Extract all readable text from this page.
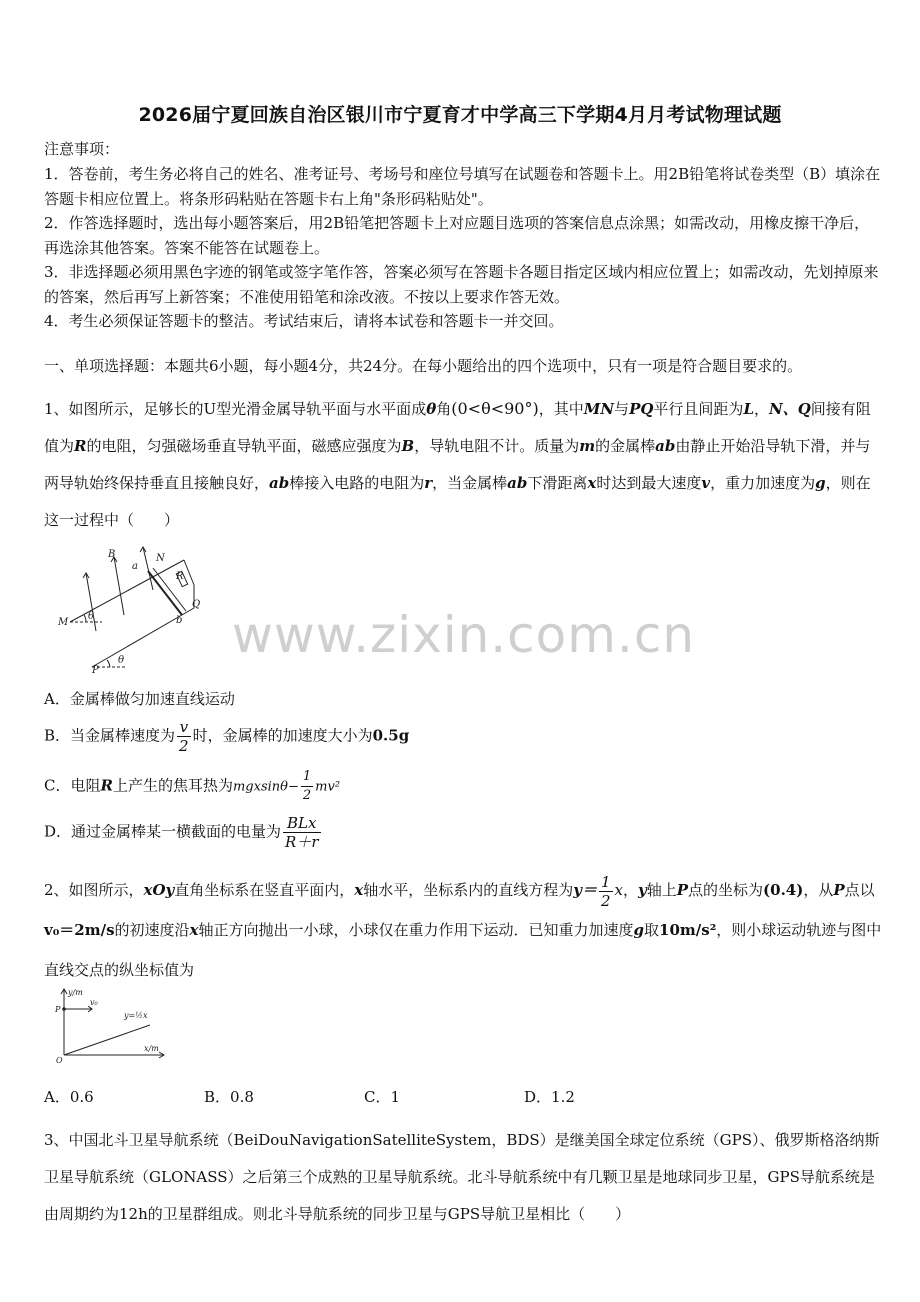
2026届宁夏回族自治区银川市宁夏育才中学高三下学期4月月考试物理试题
注意事项：

1．答卷前，考生务必将自己的姓名、准考证号、考场号和座位号填写在试题卷和答题卡上。用2B铅笔将试卷类型（B）填涂在答题卡相应位置上。将条形码粘贴在答题卡右上角"条形码粘贴处"。

2．作答选择题时，选出每小题答案后，用2B铅笔把答题卡上对应题目选项的答案信息点涂黑；如需改动，用橡皮擦干净后，再选涂其他答案。答案不能答在试题卷上。

3．非选择题必须用黑色字迹的钢笔或签字笔作答，答案必须写在答题卡各题目指定区域内相应位置上；如需改动，先划掉原来的答案，然后再写上新答案；不准使用铅笔和涂改液。不按以上要求作答无效。

4．考生必须保证答题卡的整洁。考试结束后，请将本试卷和答题卡一并交回。

一、单项选择题：本题共6小题，每小题4分，共24分。在每小题给出的四个选项中，只有一项是符合题目要求的。
1、如图所示，足够长的U型光滑金属导轨平面与水平面成θ角(0<θ<90°)，其中MN与PQ平行且间距为L，N、Q间接有阻值为R的电阻，匀强磁场垂直导轨平面，磁感应强度为B，导轨电阻不计。质量为m的金属棒ab由静止开始沿导轨下滑，并与两导轨始终保持垂直且接触良好，ab棒接入电路的电阻为r，当金属棒ab下滑距离x时达到最大速度v，重力加速度为g，则在这一过程中（　　）
B
a
N
R
Q
M
θ	b
P
θ www.zixin.com.cn
A．金属棒做匀加速直线运动
B．当金属棒速度为 $\frac{v}{2}$ 时，金属棒的加速度大小为0.5g
C．电阻R上产生的焦耳热为$mgxsin\theta- \frac{1}{2} mv^2$
D．通过金属棒某一横截面的电量为 $\frac{\text{BLx}}{R+r}$
2、如图所示，xOy直角坐标系在竖直平面内，x轴水平，坐标系内的直线方程为$y= \frac{1}{2}$ x，y轴上P点的坐标为(0.4)，从P点以v₀＝2m/s的初速度沿x轴正方向抛出一小球，小球仅在重力作用下运动．已知重力加速度g取10m/s²，则小球运动轨迹与图中直线交点的纵坐标值为
y/m
P
v₀
y=½x
O
x/m
A．0.6	B．0.8	C．1	D．1.2
3、中国北斗卫星导航系统（BeiDouNavigationSatelliteSystem，BDS）是继美国全球定位系统（GPS）、俄罗斯格洛纳斯卫星导航系统（GLONASS）之后第三个成熟的卫星导航系统。北斗导航系统中有几颗卫星是地球同步卫星，GPS导航系统是由周期约为12h的卫星群组成。则北斗导航系统的同步卫星与GPS导航卫星相比（　　）
